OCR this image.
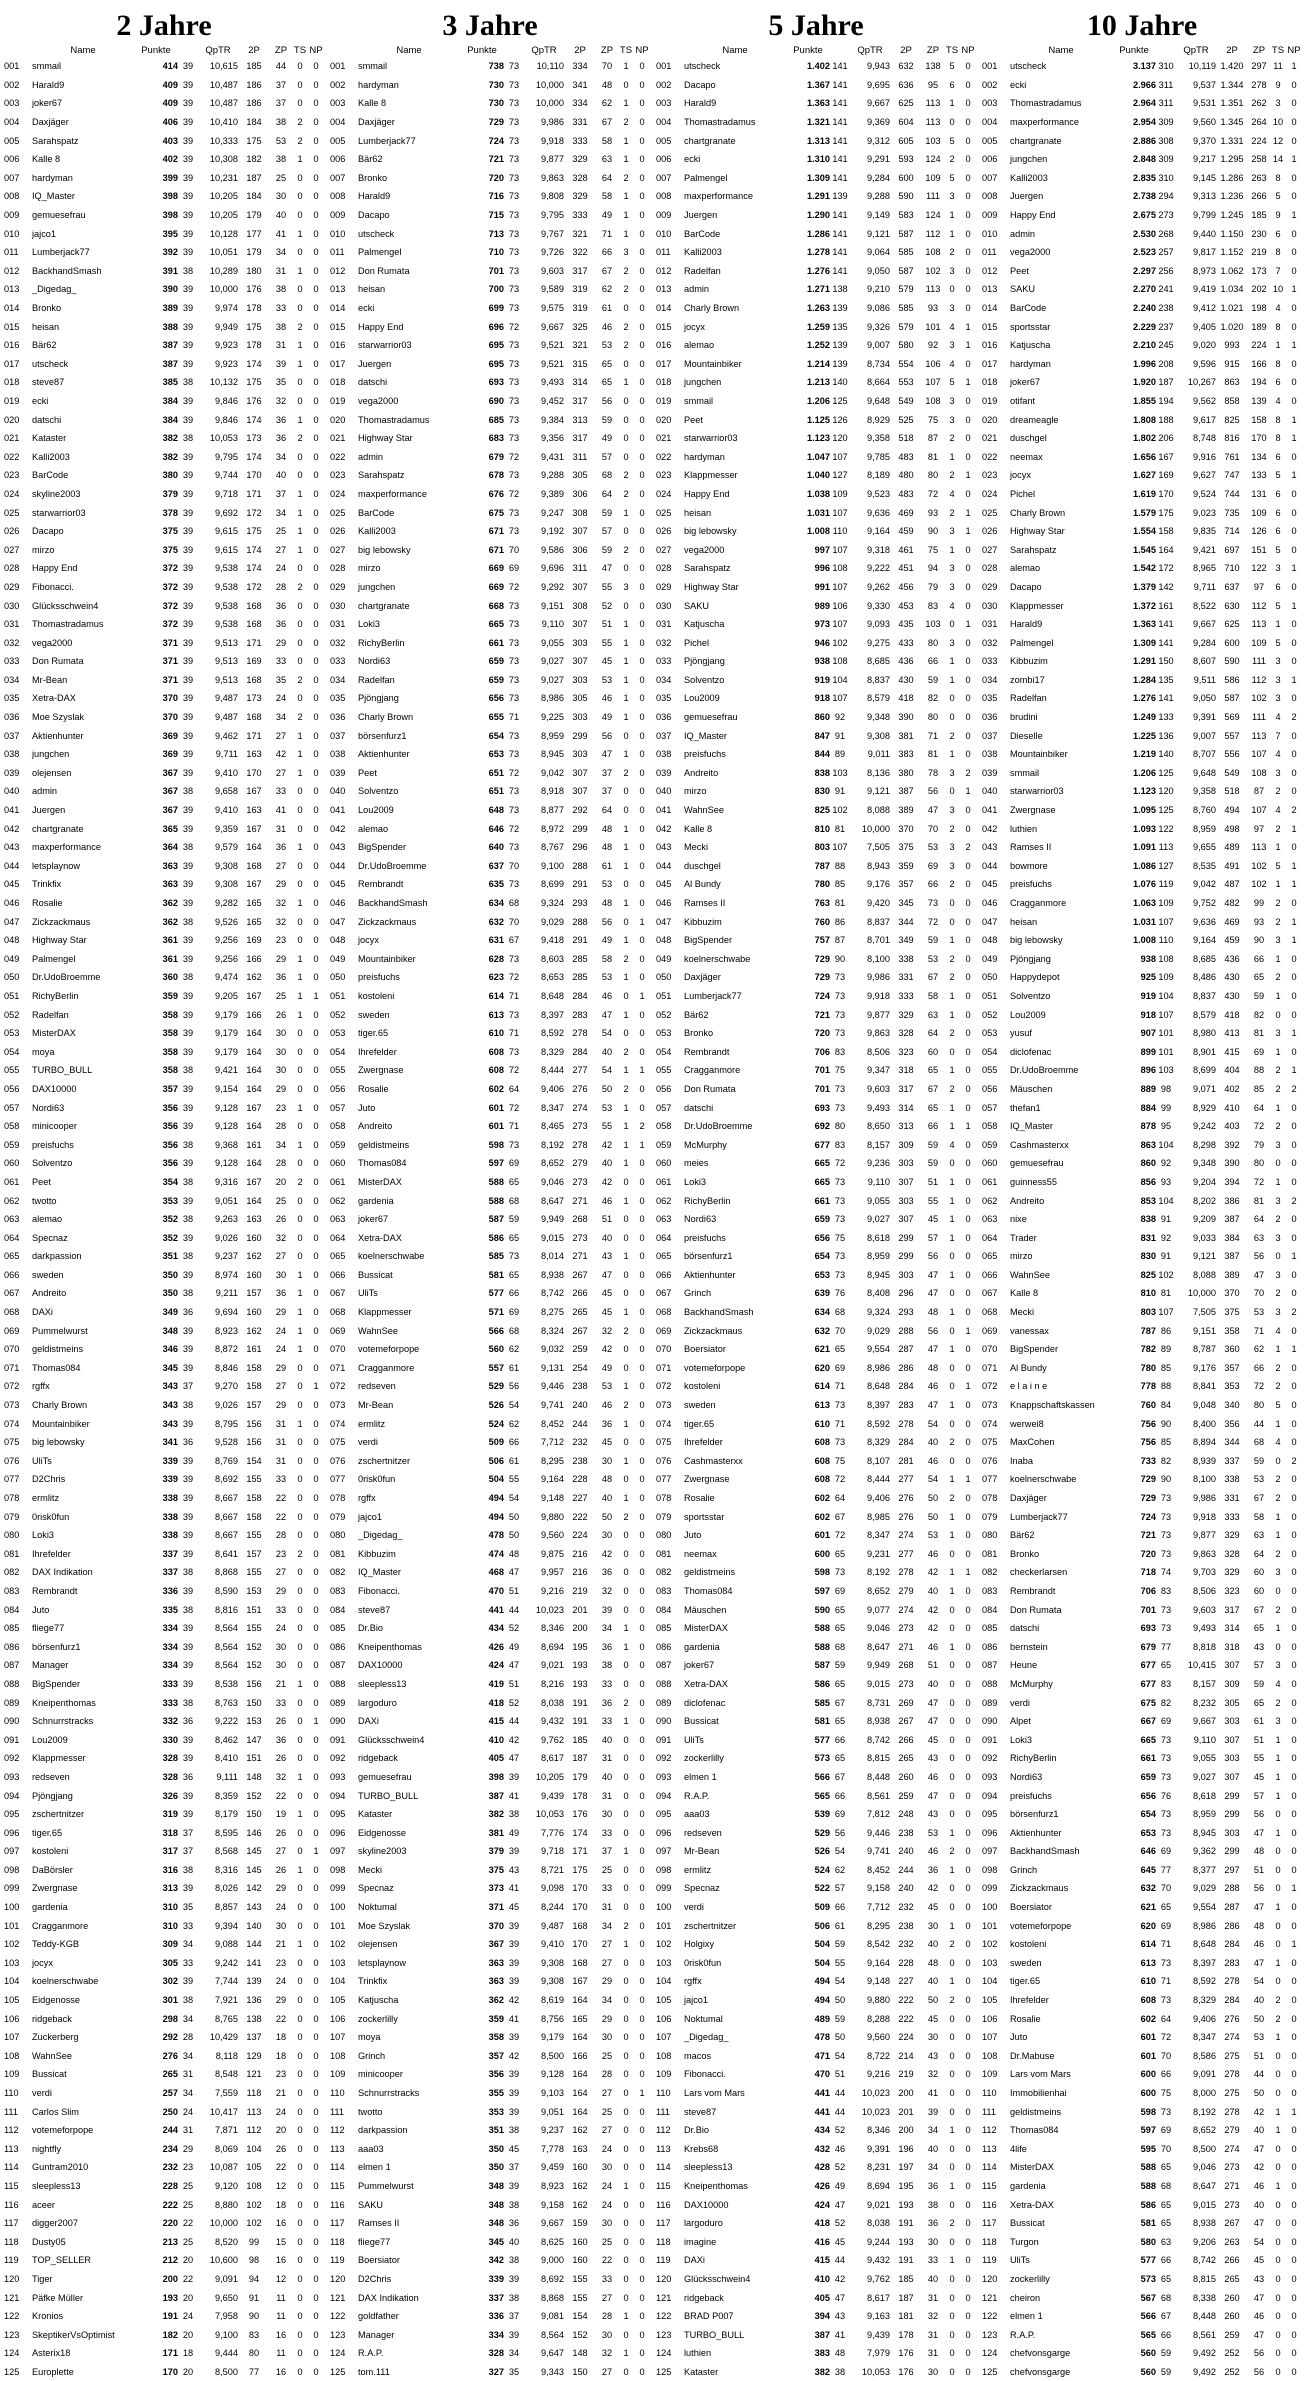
2 Jahre
	Name	Punkte		QpTR	2P	ZP	TS	NP
001	smmail	414	39	10,615	185	44	0	0
002	Harald9	409	39	10,487	186	37	0	0
003	joker67	409	39	10,487	186	37	0	0
004	Daxjäger	406	39	10,410	184	38	2	0
005	Sarahspatz	403	39	10,333	175	53	2	0
006	Kalle 8	402	39	10,308	182	38	1	0
007	hardyman	399	39	10,231	187	25	0	0
008	IQ_Master	398	39	10,205	184	30	0	0
009	gemuesefrau	398	39	10,205	179	40	0	0
010	jajco1	395	39	10,128	177	41	1	0
011	Lumberjack77	392	39	10,051	179	34	0	0
012	BackhandSmash	391	38	10,289	180	31	1	0
013	_Digedag_	390	39	10,000	176	38	0	0
014	Bronko	389	39	9,974	178	33	0	0
015	heisan	388	39	9,949	175	38	2	0
016	Bär62	387	39	9,923	178	31	1	0
017	utscheck	387	39	9,923	174	39	1	0
018	steve87	385	38	10,132	175	35	0	0
019	ecki	384	39	9,846	176	32	0	0
020	datschi	384	39	9,846	174	36	1	0
021	Kataster	382	38	10,053	173	36	2	0
022	Kalli2003	382	39	9,795	174	34	0	0
023	BarCode	380	39	9,744	170	40	0	0
024	skyline2003	379	39	9,718	171	37	1	0
025	starwarrior03	378	39	9,692	172	34	1	0
026	Dacapo	375	39	9,615	175	25	1	0
027	mirzo	375	39	9,615	174	27	1	0
028	Happy End	372	39	9,538	174	24	0	0
029	Fibonacci.	372	39	9,538	172	28	2	0
030	Glücksschwein4	372	39	9,538	168	36	0	0
031	Thomastradamus	372	39	9,538	168	36	0	0
032	vega2000	371	39	9,513	171	29	0	0
033	Don Rumata	371	39	9,513	169	33	0	0
034	Mr-Bean	371	39	9,513	168	35	2	0
035	Xetra-DAX	370	39	9,487	173	24	0	0
036	Moe Szyslak	370	39	9,487	168	34	2	0
037	Aktienhunter	369	39	9,462	171	27	1	0
038	jungchen	369	39	9,711	163	42	1	0
039	olejensen	367	39	9,410	170	27	1	0
040	admin	367	38	9,658	167	33	0	0
041	Juergen	367	39	9,410	163	41	0	0
042	chartgranate	365	39	9,359	167	31	0	0
043	maxperformance	364	38	9,579	164	36	1	0
044	letsplaynow	363	39	9,308	168	27	0	0
045	Trinkfix	363	39	9,308	167	29	0	0
046	Rosalie	362	39	9,282	165	32	1	0
047	Zickzackmaus	362	38	9,526	165	32	0	0
048	Highway Star	361	39	9,256	169	23	0	0
049	Palmengel	361	39	9,256	166	29	1	0
050	Dr.UdoBroemme	360	38	9,474	162	36	1	0
051	RichyBerlin	359	39	9,205	167	25	1	1
052	Radelfan	358	39	9,179	166	26	1	0
053	MisterDAX	358	39	9,179	164	30	0	0
054	moya	358	39	9,179	164	30	0	0
055	TURBO_BULL	358	38	9,421	164	30	0	0
056	DAX10000	357	39	9,154	164	29	0	0
057	Nordi63	356	39	9,128	167	23	1	0
058	minicooper	356	39	9,128	164	28	0	0
059	preisfuchs	356	38	9,368	161	34	1	0
060	Solventzo	356	39	9,128	164	28	0	0
061	Peet	354	38	9,316	167	20	2	0
062	twotto	353	39	9,051	164	25	0	0
063	alemao	352	38	9,263	163	26	0	0
064	Specnaz	352	39	9,026	160	32	0	0
065	darkpassion	351	38	9,237	162	27	0	0
066	sweden	350	39	8,974	160	30	1	0
067	Andreito	350	38	9,211	157	36	1	0
068	DAXi	349	36	9,694	160	29	1	0
069	Pummelwurst	348	39	8,923	162	24	1	0
070	geldistmeins	346	39	8,872	161	24	1	0
071	Thomas084	345	39	8,846	158	29	0	0
072	rgffx	343	37	9,270	158	27	0	1
073	Charly Brown	343	38	9,026	157	29	0	0
074	Mountainbiker	343	39	8,795	156	31	1	0
075	big lebowsky	341	36	9,528	156	31	0	0
076	UliTs	339	39	8,769	154	31	0	0
077	D2Chris	339	39	8,692	155	33	0	0
078	ermlitz	338	39	8,667	158	22	0	0
079	0risk0fun	338	39	8,667	158	22	0	0
080	Loki3	338	39	8,667	155	28	0	0
081	Ihrefelder	337	39	8,641	157	23	2	0
082	DAX Indikation	337	38	8,868	155	27	0	0
083	Rembrandt	336	39	8,590	153	29	0	0
084	Juto	335	38	8,816	151	33	0	0
085	fliege77	334	39	8,564	155	24	0	0
086	börsenfurz1	334	39	8,564	152	30	0	0
087	Manager	334	39	8,564	152	30	0	0
088	BigSpender	333	39	8,538	156	21	1	0
089	Kneipenthomas	333	38	8,763	150	33	0	0
090	Schnurrstracks	332	36	9,222	153	26	0	1
091	Lou2009	330	39	8,462	147	36	0	0
092	Klappmesser	328	39	8,410	151	26	0	0
093	redseven	328	36	9,111	148	32	1	0
094	Pjöngjang	326	39	8,359	152	22	0	0
095	zschertnitzer	319	39	8,179	150	19	1	0
096	tiger.65	318	37	8,595	146	26	0	0
097	kostoleni	317	37	8,568	145	27	0	1
098	DaBörsler	316	38	8,316	145	26	1	0
099	Zwergnase	313	39	8,026	142	29	0	0
100	gardenia	310	35	8,857	143	24	0	0
101	Cragganmore	310	33	9,394	140	30	0	0
102	Teddy-KGB	309	34	9,088	144	21	1	0
103	jocyx	305	33	9,242	141	23	0	0
104	koelnerschwabe	302	39	7,744	139	24	0	0
105	Eidgenosse	301	38	7,921	136	29	0	0
106	ridgeback	298	34	8,765	138	22	0	0
107	Zuckerberg	292	28	10,429	137	18	0	0
108	WahnSee	276	34	8,118	129	18	0	0
109	Bussicat	265	31	8,548	121	23	0	0
110	verdi	257	34	7,559	118	21	0	0
111	Carlos Slim	250	24	10,417	113	24	0	0
112	votemeforpope	244	31	7,871	112	20	0	0
113	nightfly	234	29	8,069	104	26	0	0
114	Guntram2010	232	23	10,087	105	22	0	0
115	sleepless13	228	25	9,120	108	12	0	0
116	aceer	222	25	8,880	102	18	0	0
117	digger2007	220	22	10,000	102	16	0	0
118	Dusty05	213	25	8,520	99	15	0	0
119	TOP_SELLER	212	20	10,600	98	16	0	0
120	Tiger	200	22	9,091	94	12	0	0
121	Päfke Müller	193	20	9,650	91	11	0	0
122	Kronios	191	24	7,958	90	11	0	0
123	SkeptikerVsOptimist	182	20	9,100	83	16	0	0
124	Asterix18	171	18	9,444	80	11	0	0
125	Europlette	170	20	8,500	77	16	0	0
3 Jahre
	Name	Punkte		QpTR	2P	ZP	TS	NP
001	smmail	738	73	10,110	334	70	1	0
002	hardyman	730	73	10,000	341	48	0	0
003	Kalle 8	730	73	10,000	334	62	1	0
004	Daxjäger	729	73	9,986	331	67	2	0
005	Lumberjack77	724	73	9,918	333	58	1	0
006	Bär62	721	73	9,877	329	63	1	0
007	Bronko	720	73	9,863	328	64	2	0
008	Harald9	716	73	9,808	329	58	1	0
009	Dacapo	715	73	9,795	333	49	1	0
010	utscheck	713	73	9,767	321	71	1	0
011	Palmengel	710	73	9,726	322	66	3	0
012	Don Rumata	701	73	9,603	317	67	2	0
013	heisan	700	73	9,589	319	62	2	0
014	ecki	699	73	9,575	319	61	0	0
015	Happy End	696	72	9,667	325	46	2	0
016	starwarrior03	695	73	9,521	321	53	2	0
017	Juergen	695	73	9,521	315	65	0	0
018	datschi	693	73	9,493	314	65	1	0
019	vega2000	690	73	9,452	317	56	0	0
020	Thomastradamus	685	73	9,384	313	59	0	0
021	Highway Star	683	73	9,356	317	49	0	0
022	admin	679	72	9,431	311	57	0	0
023	Sarahspatz	678	73	9,288	305	68	2	0
024	maxperformance	676	72	9,389	306	64	2	0
025	BarCode	675	73	9,247	308	59	1	0
026	Kalli2003	671	73	9,192	307	57	0	0
027	big lebowsky	671	70	9,586	306	59	2	0
028	mirzo	669	69	9,696	311	47	0	0
029	jungchen	669	72	9,292	307	55	3	0
030	chartgranate	668	73	9,151	308	52	0	0
031	Loki3	665	73	9,110	307	51	1	0
032	RichyBerlin	661	73	9,055	303	55	1	0
033	Nordi63	659	73	9,027	307	45	1	0
034	Radelfan	659	73	9,027	303	53	1	0
035	Pjöngjang	656	73	8,986	305	46	1	0
036	Charly Brown	655	71	9,225	303	49	1	0
037	börsenfurz1	654	73	8,959	299	56	0	0
038	Aktienhunter	653	73	8,945	303	47	1	0
039	Peet	651	72	9,042	307	37	2	0
040	Solventzo	651	73	8,918	307	37	0	0
041	Lou2009	648	73	8,877	292	64	0	0
042	alemao	646	72	8,972	299	48	1	0
043	BigSpender	640	73	8,767	296	48	1	0
044	Dr.UdoBroemme	637	70	9,100	288	61	1	0
045	Rembrandt	635	73	8,699	291	53	0	0
046	BackhandSmash	634	68	9,324	293	48	1	0
047	Zickzackmaus	632	70	9,029	288	56	0	1
048	jocyx	631	67	9,418	291	49	1	0
049	Mountainbiker	628	73	8,603	285	58	2	0
050	preisfuchs	623	72	8,653	285	53	1	0
051	kostoleni	614	71	8,648	284	46	0	1
052	sweden	613	73	8,397	283	47	1	0
053	tiger.65	610	71	8,592	278	54	0	0
054	Ihrefelder	608	73	8,329	284	40	2	0
055	Zwergnase	608	72	8,444	277	54	1	1
056	Rosalie	602	64	9,406	276	50	2	0
057	Juto	601	72	8,347	274	53	1	0
058	Andreito	601	71	8,465	273	55	1	2
059	geldistmeins	598	73	8,192	278	42	1	1
060	Thomas084	597	69	8,652	279	40	1	0
061	MisterDAX	588	65	9,046	273	42	0	0
062	gardenia	588	68	8,647	271	46	1	0
063	joker67	587	59	9,949	268	51	0	0
064	Xetra-DAX	586	65	9,015	273	40	0	0
065	koelnerschwabe	585	73	8,014	271	43	1	0
066	Bussicat	581	65	8,938	267	47	0	0
067	UliTs	577	66	8,742	266	45	0	0
068	Klappmesser	571	69	8,275	265	45	1	0
069	WahnSee	566	68	8,324	267	32	2	0
070	votemeforpope	560	62	9,032	259	42	0	0
071	Cragganmore	557	61	9,131	254	49	0	0
072	redseven	529	56	9,446	238	53	1	0
073	Mr-Bean	526	54	9,741	240	46	2	0
074	ermlitz	524	62	8,452	244	36	1	0
075	verdi	509	66	7,712	232	45	0	0
076	zschertnitzer	506	61	8,295	238	30	1	0
077	0risk0fun	504	55	9,164	228	48	0	0
078	rgffx	494	54	9,148	227	40	1	0
079	jajco1	494	50	9,880	222	50	2	0
080	_Digedag_	478	50	9,560	224	30	0	0
081	Kibbuzim	474	48	9,875	216	42	0	0
082	IQ_Master	468	47	9,957	216	36	0	0
083	Fibonacci.	470	51	9,216	219	32	0	0
084	steve87	441	44	10,023	201	39	0	0
085	Dr.Bio	434	52	8,346	200	34	1	0
086	Kneipenthomas	426	49	8,694	195	36	1	0
087	DAX10000	424	47	9,021	193	38	0	0
088	sleepless13	419	51	8,216	193	33	0	0
089	largoduro	418	52	8,038	191	36	2	0
090	DAXi	415	44	9,432	191	33	1	0
091	Glücksschwein4	410	42	9,762	185	40	0	0
092	ridgeback	405	47	8,617	187	31	0	0
093	gemuesefrau	398	39	10,205	179	40	0	0
094	TURBO_BULL	387	41	9,439	178	31	0	0
095	Kataster	382	38	10,053	176	30	0	0
096	Eidgenosse	381	49	7,776	174	33	0	0
097	skyline2003	379	39	9,718	171	37	1	0
098	Mecki	375	43	8,721	175	25	0	0
099	Specnaz	373	41	9,098	170	33	0	0
100	Noktumal	371	45	8,244	170	31	0	0
101	Moe Szyslak	370	39	9,487	168	34	2	0
102	olejensen	367	39	9,410	170	27	1	0
103	letsplaynow	363	39	9,308	168	27	0	0
104	Trinkfix	363	39	9,308	167	29	0	0
105	Katjuscha	362	42	8,619	164	34	0	0
106	zockerlilly	359	41	8,756	165	29	0	0
107	moya	358	39	9,179	164	30	0	0
108	Grinch	357	42	8,500	166	25	0	0
109	minicooper	356	39	9,128	164	28	0	0
110	Schnurrstracks	355	39	9,103	164	27	0	1
111	twotto	353	39	9,051	164	25	0	0
112	darkpassion	351	38	9,237	162	27	0	0
113	aaa03	350	45	7,778	163	24	0	0
114	elmen 1	350	37	9,459	160	30	0	0
115	Pummelwurst	348	39	8,923	162	24	1	0
116	SAKU	348	38	9,158	162	24	0	0
117	Ramses II	348	36	9,667	159	30	0	0
118	fliege77	345	40	8,625	160	25	0	0
119	Boersiator	342	38	9,000	160	22	0	0
120	D2Chris	339	39	8,692	155	33	0	0
121	DAX Indikation	337	38	8,868	155	27	0	0
122	goldfather	336	37	9,081	154	28	1	0
123	Manager	334	39	8,564	152	30	0	0
124	R.A.P.	328	34	9,647	148	32	1	0
125	tom.111	327	35	9,343	150	27	0	0
5 Jahre
	Name	Punkte		QpTR	2P	ZP	TS	NP
001	utscheck	1.402	141	9,943	632	138	5	0
002	Dacapo	1.367	141	9,695	636	95	6	0
003	Harald9	1.363	141	9,667	625	113	1	0
004	Thomastradamus	1.321	141	9,369	604	113	0	0
005	chartgranate	1.313	141	9,312	605	103	5	0
006	ecki	1.310	141	9,291	593	124	2	0
007	Palmengel	1.309	141	9,284	600	109	5	0
008	maxperformance	1.291	139	9,288	590	111	3	0
009	Juergen	1.290	141	9,149	583	124	1	0
010	BarCode	1.286	141	9,121	587	112	1	0
011	Kalli2003	1.278	141	9,064	585	108	2	0
012	Radelfan	1.276	141	9,050	587	102	3	0
013	admin	1.271	138	9,210	579	113	0	0
014	Charly Brown	1.263	139	9,086	585	93	3	0
015	jocyx	1.259	135	9,326	579	101	4	1
016	alemao	1.252	139	9,007	580	92	3	1
017	Mountainbiker	1.214	139	8,734	554	106	4	0
018	jungchen	1.213	140	8,664	553	107	5	1
019	smmail	1.206	125	9,648	549	108	3	0
020	Peet	1.125	126	8,929	525	75	3	0
021	starwarrior03	1.123	120	9,358	518	87	2	0
022	hardyman	1.047	107	9,785	483	81	1	0
023	Klappmesser	1.040	127	8,189	480	80	2	1
024	Happy End	1.038	109	9,523	483	72	4	0
025	heisan	1.031	107	9,636	469	93	2	1
026	big lebowsky	1.008	110	9,164	459	90	3	1
027	vega2000	997	107	9,318	461	75	1	0
028	Sarahspatz	996	108	9,222	451	94	3	0
029	Highway Star	991	107	9,262	456	79	3	0
030	SAKU	989	106	9,330	453	83	4	0
031	Katjuscha	973	107	9,093	435	103	0	1
032	Pichel	946	102	9,275	433	80	3	0
033	Pjöngjang	938	108	8,685	436	66	1	0
034	Solventzo	919	104	8,837	430	59	1	0
035	Lou2009	918	107	8,579	418	82	0	0
036	gemuesefrau	860	92	9,348	390	80	0	0
037	IQ_Master	847	91	9,308	381	71	2	0
038	preisfuchs	844	89	9,011	383	81	1	0
039	Andreito	838	103	8,136	380	78	3	2
040	mirzo	830	91	9,121	387	56	0	1
041	WahnSee	825	102	8,088	389	47	3	0
042	Kalle 8	810	81	10,000	370	70	2	0
043	Mecki	803	107	7,505	375	53	3	2
044	duschgel	787	88	8,943	359	69	3	0
045	Al Bundy	780	85	9,176	357	66	2	0
046	Ramses II	763	81	9,420	345	73	0	0
047	Kibbuzim	760	86	8,837	344	72	0	0
048	BigSpender	757	87	8,701	349	59	1	0
049	koelnerschwabe	729	90	8,100	338	53	2	0
050	Daxjäger	729	73	9,986	331	67	2	0
051	Lumberjack77	724	73	9,918	333	58	1	0
052	Bär62	721	73	9,877	329	63	1	0
053	Bronko	720	73	9,863	328	64	2	0
054	Rembrandt	706	83	8,506	323	60	0	0
055	Cragganmore	701	75	9,347	318	65	1	0
056	Don Rumata	701	73	9,603	317	67	2	0
057	datschi	693	73	9,493	314	65	1	0
058	Dr.UdoBroemme	692	80	8,650	313	66	1	1
059	McMurphy	677	83	8,157	309	59	4	0
060	meies	665	72	9,236	303	59	0	0
061	Loki3	665	73	9,110	307	51	1	0
062	RichyBerlin	661	73	9,055	303	55	1	0
063	Nordi63	659	73	9,027	307	45	1	0
064	preisfuchs	656	75	8,618	299	57	1	0
065	börsenfurz1	654	73	8,959	299	56	0	0
066	Aktienhunter	653	73	8,945	303	47	1	0
067	Grinch	639	76	8,408	296	47	0	0
068	BackhandSmash	634	68	9,324	293	48	1	0
069	Zickzackmaus	632	70	9,029	288	56	0	1
070	Boersiator	621	65	9,554	287	47	1	0
071	votemeforpope	620	69	8,986	286	48	0	0
072	kostoleni	614	71	8,648	284	46	0	1
073	sweden	613	73	8,397	283	47	1	0
074	tiger.65	610	71	8,592	278	54	0	0
075	Ihrefelder	608	73	8,329	284	40	2	0
076	Cashmasterxx	608	75	8,107	281	46	0	0
077	Zwergnase	608	72	8,444	277	54	1	1
078	Rosalie	602	64	9,406	276	50	2	0
079	sportsstar	602	67	8,985	276	50	1	0
080	Juto	601	72	8,347	274	53	1	0
081	neemax	600	65	9,231	277	46	0	0
082	geldistmeins	598	73	8,192	278	42	1	1
083	Thomas084	597	69	8,652	279	40	1	0
084	Mäuschen	590	65	9,077	274	42	0	0
085	MisterDAX	588	65	9,046	273	42	0	0
086	gardenia	588	68	8,647	271	46	1	0
087	joker67	587	59	9,949	268	51	0	0
088	Xetra-DAX	586	65	9,015	273	40	0	0
089	diclofenac	585	67	8,731	269	47	0	0
090	Bussicat	581	65	8,938	267	47	0	0
091	UliTs	577	66	8,742	266	45	0	0
092	zockerlilly	573	65	8,815	265	43	0	0
093	elmen 1	566	67	8,448	260	46	0	0
094	R.A.P.	565	66	8,561	259	47	0	0
095	aaa03	539	69	7,812	248	43	0	0
096	redseven	529	56	9,446	238	53	1	0
097	Mr-Bean	526	54	9,741	240	46	2	0
098	ermlitz	524	62	8,452	244	36	1	0
099	Specnaz	522	57	9,158	240	42	0	0
100	verdi	509	66	7,712	232	45	0	0
101	zschertnitzer	506	61	8,295	238	30	1	0
102	Holgixy	504	59	8,542	232	40	2	0
103	0risk0fun	504	55	9,164	228	48	0	0
104	rgffx	494	54	9,148	227	40	1	0
105	jajco1	494	50	9,880	222	50	2	0
106	Noktumal	489	59	8,288	222	45	0	0
107	_Digedag_	478	50	9,560	224	30	0	0
108	macos	471	54	8,722	214	43	0	0
109	Fibonacci.	470	51	9,216	219	32	0	0
110	Lars vom Mars	441	44	10,023	200	41	0	0
111	steve87	441	44	10,023	201	39	0	0
112	Dr.Bio	434	52	8,346	200	34	1	0
113	Krebs68	432	46	9,391	196	40	0	0
114	sleepless13	428	52	8,231	197	34	0	0
115	Kneipenthomas	426	49	8,694	195	36	1	0
116	DAX10000	424	47	9,021	193	38	0	0
117	largoduro	418	52	8,038	191	36	2	0
118	imagine	416	45	9,244	193	30	0	0
119	DAXi	415	44	9,432	191	33	1	0
120	Glücksschwein4	410	42	9,762	185	40	0	0
121	ridgeback	405	47	8,617	187	31	0	0
122	BRAD P007	394	43	9,163	181	32	0	0
123	TURBO_BULL	387	41	9,439	178	31	0	0
124	luthien	383	48	7,979	176	31	0	0
125	Kataster	382	38	10,053	176	30	0	0
10 Jahre
	Name	Punkte		QpTR	2P	ZP	TS	NP
001	utscheck	3.137	310	10,119	1.420	297	11	1
002	ecki	2.966	311	9,537	1.344	278	9	0
003	Thomastradamus	2.964	311	9,531	1.351	262	3	0
004	maxperformance	2.954	309	9,560	1.345	264	10	0
005	chartgranate	2.886	308	9,370	1.331	224	12	0
006	jungchen	2.848	309	9,217	1.295	258	14	1
007	Kalli2003	2.835	310	9,145	1.286	263	8	0
008	Juergen	2.738	294	9,313	1.236	266	5	0
009	Happy End	2.675	273	9,799	1.245	185	9	1
010	admin	2.530	268	9,440	1.150	230	6	0
011	vega2000	2.523	257	9,817	1.152	219	8	0
012	Peet	2.297	256	8,973	1.062	173	7	0
013	SAKU	2.270	241	9,419	1.034	202	10	1
014	BarCode	2.240	238	9,412	1.021	198	4	0
015	sportsstar	2.229	237	9,405	1.020	189	8	0
016	Katjuscha	2.210	245	9,020	993	224	1	1
017	hardyman	1.996	208	9,596	915	166	8	0
018	joker67	1.920	187	10,267	863	194	6	0
019	otifant	1.855	194	9,562	858	139	4	0
020	dreameagle	1.808	188	9,617	825	158	8	1
021	duschgel	1.802	206	8,748	816	170	8	1
022	neemax	1.656	167	9,916	761	134	6	0
023	jocyx	1.627	169	9,627	747	133	5	1
024	Pichel	1.619	170	9,524	744	131	6	0
025	Charly Brown	1.579	175	9,023	735	109	6	0
026	Highway Star	1.554	158	9,835	714	126	6	0
027	Sarahspatz	1.545	164	9,421	697	151	5	0
028	alemao	1.542	172	8,965	710	122	3	1
029	Dacapo	1.379	142	9,711	637	97	6	0
030	Klappmesser	1.372	161	8,522	630	112	5	1
031	Harald9	1.363	141	9,667	625	113	1	0
032	Palmengel	1.309	141	9,284	600	109	5	0
033	Kibbuzim	1.291	150	8,607	590	111	3	0
034	zombi17	1.284	135	9,511	586	112	3	1
035	Radelfan	1.276	141	9,050	587	102	3	0
036	brudini	1.249	133	9,391	569	111	4	2
037	Dieselle	1.225	136	9,007	557	113	7	0
038	Mountainbiker	1.219	140	8,707	556	107	4	0
039	smmail	1.206	125	9,648	549	108	3	0
040	starwarrior03	1.123	120	9,358	518	87	2	0
041	Zwergnase	1.095	125	8,760	494	107	4	2
042	luthien	1.093	122	8,959	498	97	2	1
043	Ramses II	1.091	113	9,655	489	113	1	0
044	bowmore	1.086	127	8,535	491	102	5	1
045	preisfuchs	1.076	119	9,042	487	102	1	1
046	Cragganmore	1.063	109	9,752	482	99	2	0
047	heisan	1.031	107	9,636	469	93	2	1
048	big lebowsky	1.008	110	9,164	459	90	3	1
049	Pjöngjang	938	108	8,685	436	66	1	0
050	Happydepot	925	109	8,486	430	65	2	0
051	Solventzo	919	104	8,837	430	59	1	0
052	Lou2009	918	107	8,579	418	82	0	0
053	yusuf	907	101	8,980	413	81	3	1
054	diclofenac	899	101	8,901	415	69	1	0
055	Dr.UdoBroemme	896	103	8,699	404	88	2	1
056	Mäuschen	889	98	9,071	402	85	2	2
057	thefan1	884	99	8,929	410	64	1	0
058	IQ_Master	878	95	9,242	403	72	2	0
059	Cashmasterxx	863	104	8,298	392	79	3	0
060	gemuesefrau	860	92	9,348	390	80	0	0
061	guinness55	856	93	9,204	394	72	1	0
062	Andreito	853	104	8,202	386	81	3	2
063	nixe	838	91	9,209	387	64	2	0
064	Trader	831	92	9,033	384	63	3	0
065	mirzo	830	91	9,121	387	56	0	1
066	WahnSee	825	102	8,088	389	47	3	0
067	Kalle 8	810	81	10,000	370	70	2	0
068	Mecki	803	107	7,505	375	53	3	2
069	vanessax	787	86	9,151	358	71	4	0
070	BigSpender	782	89	8,787	360	62	1	1
071	Al Bundy	780	85	9,176	357	66	2	0
072	e l a i n e	778	88	8,841	353	72	2	0
073	Knappschaftskassen	760	84	9,048	340	80	5	0
074	werwei8	756	90	8,400	356	44	1	0
075	MaxCohen	756	85	8,894	344	68	4	0
076	Inaba	733	82	8,939	337	59	0	2
077	koelnerschwabe	729	90	8,100	338	53	2	0
078	Daxjäger	729	73	9,986	331	67	2	0
079	Lumberjack77	724	73	9,918	333	58	1	0
080	Bär62	721	73	9,877	329	63	1	0
081	Bronko	720	73	9,863	328	64	2	0
082	checkerlarsen	718	74	9,703	329	60	3	0
083	Rembrandt	706	83	8,506	323	60	0	0
084	Don Rumata	701	73	9,603	317	67	2	0
085	datschi	693	73	9,493	314	65	1	0
086	bernstein	679	77	8,818	318	43	0	0
087	Heune	677	65	10,415	307	57	3	0
088	McMurphy	677	83	8,157	309	59	4	0
089	verdi	675	82	8,232	305	65	2	0
090	Alpet	667	69	9,667	303	61	3	0
091	Loki3	665	73	9,110	307	51	1	0
092	RichyBerlin	661	73	9,055	303	55	1	0
093	Nordi63	659	73	9,027	307	45	1	0
094	preisfuchs	656	76	8,618	299	57	1	0
095	börsenfurz1	654	73	8,959	299	56	0	0
096	Aktienhunter	653	73	8,945	303	47	1	0
097	BackhandSmash	646	69	9,362	299	48	0	0
098	Grinch	645	77	8,377	297	51	0	0
099	Zickzackmaus	632	70	9,029	288	56	0	1
100	Boersiator	621	65	9,554	287	47	1	0
101	votemeforpope	620	69	8,986	286	48	0	0
102	kostoleni	614	71	8,648	284	46	0	1
103	sweden	613	73	8,397	283	47	1	0
104	tiger.65	610	71	8,592	278	54	0	0
105	Ihrefelder	608	73	8,329	284	40	2	0
106	Rosalie	602	64	9,406	276	50	2	0
107	Juto	601	72	8,347	274	53	1	0
108	Dr.Mabuse	601	70	8,586	275	51	0	0
109	Lars vom Mars	600	66	9,091	278	44	0	0
110	Immobilienhai	600	75	8,000	275	50	0	0
111	geldistmeins	598	73	8,192	278	42	1	1
112	Thomas084	597	69	8,652	279	40	1	0
113	4life	595	70	8,500	274	47	0	0
114	MisterDAX	588	65	9,046	273	42	0	0
115	gardenia	588	68	8,647	271	46	1	0
116	Xetra-DAX	586	65	9,015	273	40	0	0
117	Bussicat	581	65	8,938	267	47	0	0
118	Turgon	580	63	9,206	263	54	0	0
119	UliTs	577	66	8,742	266	45	0	0
120	zockerlilly	573	65	8,815	265	43	0	0
121	cheiron	567	68	8,338	260	47	0	0
122	elmen 1	566	67	8,448	260	46	0	0
123	R.A.P.	565	66	8,561	259	47	0	0
124	chefvonsgarge	560	59	9,492	252	56	0	0
125	chefvonsgarge	560	59	9,492	252	56	0	0
